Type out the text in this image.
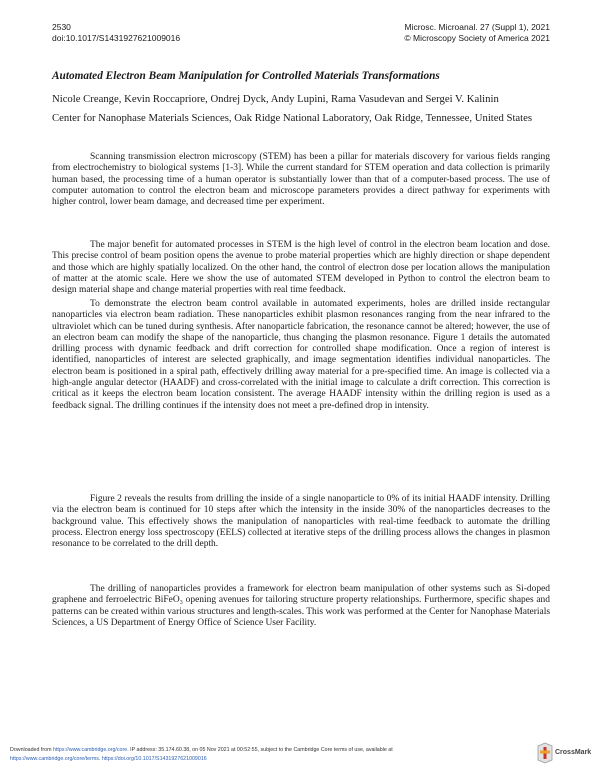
2530
doi:10.1017/S1431927621009016
Microsc. Microanal. 27 (Suppl 1), 2021
© Microscopy Society of America 2021
Automated Electron Beam Manipulation for Controlled Materials Transformations
Nicole Creange, Kevin Roccapriore, Ondrej Dyck, Andy Lupini, Rama Vasudevan and Sergei V. Kalinin
Center for Nanophase Materials Sciences, Oak Ridge National Laboratory, Oak Ridge, Tennessee, United States

Scanning transmission electron microscopy (STEM) has been a pillar for materials discovery for various fields ranging from electrochemistry to biological systems [1-3]. While the current standard for STEM operation and data collection is primarily human based, the processing time of a human operator is substantially lower than that of a computer-based process. The use of computer automation to control the electron beam and microscope parameters provides a direct pathway for experiments with higher control, lower beam damage, and decreased time per experiment.

The major benefit for automated processes in STEM is the high level of control in the electron beam location and dose. This precise control of beam position opens the avenue to probe material properties which are highly direction or shape dependent and those which are highly spatially localized. On the other hand, the control of electron dose per location allows the manipulation of matter at the atomic scale. Here we show the use of automated STEM developed in Python to control the electron beam to design material shape and change material properties with real time feedback.

To demonstrate the electron beam control available in automated experiments, holes are drilled inside rectangular nanoparticles via electron beam radiation. These nanoparticles exhibit plasmon resonances ranging from the near infrared to the ultraviolet which can be tuned during synthesis. After nanoparticle fabrication, the resonance cannot be altered; however, the use of an electron beam can modify the shape of the nanoparticle, thus changing the plasmon resonance. Figure 1 details the automated drilling process with dynamic feedback and drift correction for controlled shape modification. Once a region of interest is identified, nanoparticles of interest are selected graphically, and image segmentation identifies individual nanoparticles. The electron beam is positioned in a spiral path, effectively drilling away material for a pre-specified time. An image is collected via a high-angle angular detector (HAADF) and cross-correlated with the initial image to calculate a drift correction. This correction is critical as it keeps the electron beam location consistent. The average HAADF intensity within the drilling region is used as a feedback signal. The drilling continues if the intensity does not meet a pre-defined drop in intensity.

Figure 2 reveals the results from drilling the inside of a single nanoparticle to 0% of its initial HAADF intensity. Drilling via the electron beam is continued for 10 steps after which the intensity in the inside 30% of the nanoparticles decreases to the background value. This effectively shows the manipulation of nanoparticles with real-time feedback to automate the drilling process. Electron energy loss spectroscopy (EELS) collected at iterative steps of the drilling process allows the changes in plasmon resonance to be correlated to the drill depth.

The drilling of nanoparticles provides a framework for electron beam manipulation of other systems such as Si-doped graphene and ferroelectric BiFeO₃ opening avenues for tailoring structure property relationships. Furthermore, specific shapes and patterns can be created within various structures and length-scales. This work was performed at the Center for Nanophase Materials Sciences, a US Department of Energy Office of Science User Facility.

Downloaded from https://www.cambridge.org/core. IP address: 35.174.60.38, on 05 Nov 2021 at 00:52:55, subject to the Cambridge Core terms of use, available at
https://www.cambridge.org/core/terms. https://doi.org/10.1017/S1431927621009016
CrossMark
